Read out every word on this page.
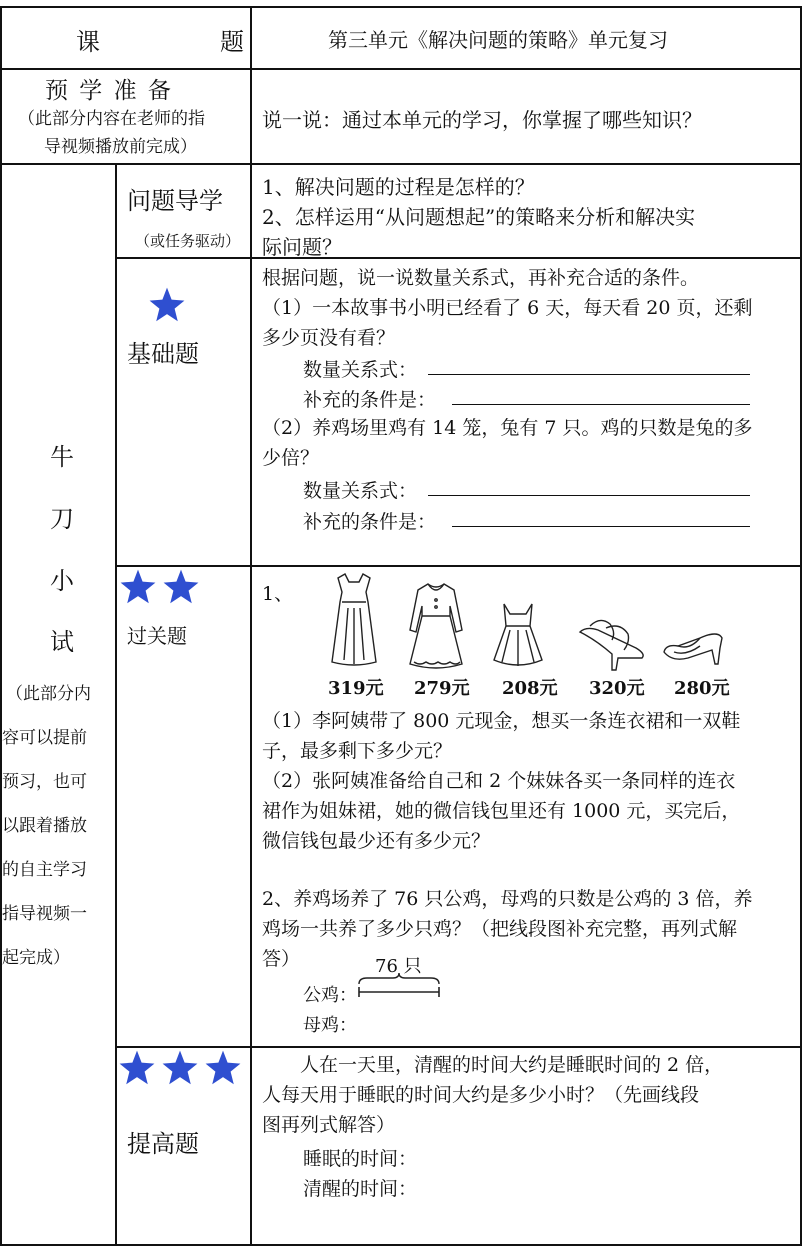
课　　　　　题	第三单元《解决问题的策略》单元复习
预 学 准 备
（此部分内容在老师的指
导视频播放前完成）
说一说：通过本单元的学习，你掌握了哪些知识？
牛
刀
小
试
（此部分内
容可以提前
预习，也可
以跟着播放
的自主学习
指导视频一
起完成）
问题导学
（或任务驱动）
1、解决问题的过程是怎样的？
2、怎样运用“从问题想起”的策略来分析和解决实
际问题？
基础题
根据问题，说一说数量关系式，再补充合适的条件。
（1）一本故事书小明已经看了 6 天，每天看 20 页，还剩
多少页没有看？
数量关系式：
补充的条件是：
（2）养鸡场里鸡有 14 笼，兔有 7 只。鸡的只数是兔的多
少倍？
数量关系式：
补充的条件是：
过关题
1、
319元 279元 208元 320元 280元
（1）李阿姨带了 800 元现金，想买一条连衣裙和一双鞋
子，最多剩下多少元？
（2）张阿姨准备给自己和 2 个妹妹各买一条同样的连衣
裙作为姐妹裙，她的微信钱包里还有 1000 元，买完后，
微信钱包最少还有多少元？
2、养鸡场养了 76 只公鸡，母鸡的只数是公鸡的 3 倍，养
鸡场一共养了多少只鸡？（把线段图补充完整，再列式解
答）	76 只
公鸡：
母鸡：
提高题
人在一天里，清醒的时间大约是睡眠时间的 2 倍，
人每天用于睡眠的时间大约是多少小时？（先画线段
图再列式解答）
睡眠的时间：
清醒的时间：
